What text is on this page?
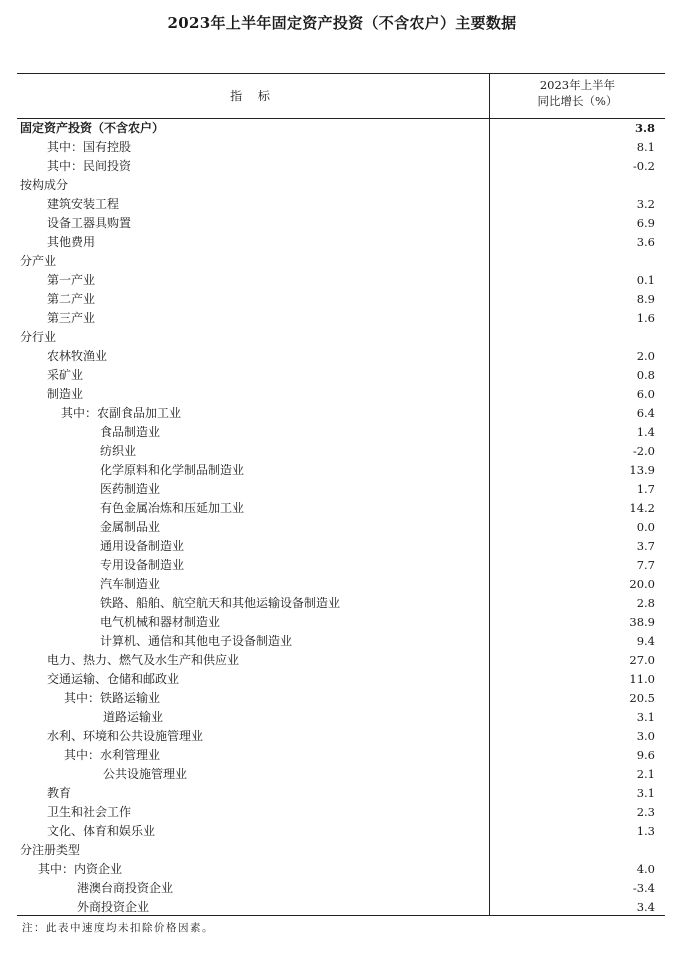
2023年上半年固定资产投资（不含农户）主要数据
指 标
2023年上半年
同比增长（%）
固定资产投资（不含农户）	3.8
其中：国有控股	8.1
其中：民间投资	-0.2
按构成分
建筑安装工程	3.2
设备工器具购置	6.9
其他费用	3.6
分产业
第一产业	0.1
第二产业	8.9
第三产业	1.6
分行业
农林牧渔业	2.0
采矿业	0.8
制造业	6.0
其中：农副食品加工业	6.4
食品制造业	1.4
纺织业	-2.0
化学原料和化学制品制造业	13.9
医药制造业	1.7
有色金属冶炼和压延加工业	14.2
金属制品业	0.0
通用设备制造业	3.7
专用设备制造业	7.7
汽车制造业	20.0
铁路、船舶、航空航天和其他运输设备制造业	2.8
电气机械和器材制造业	38.9
计算机、通信和其他电子设备制造业	9.4
电力、热力、燃气及水生产和供应业	27.0
交通运输、仓储和邮政业	11.0
其中：铁路运输业	20.5
道路运输业	3.1
水利、环境和公共设施管理业	3.0
其中：水利管理业	9.6
公共设施管理业	2.1
教育	3.1
卫生和社会工作	2.3
文化、体育和娱乐业	1.3
分注册类型
其中：内资企业	4.0
港澳台商投资企业	-3.4
外商投资企业	3.4
注：此表中速度均未扣除价格因素。
